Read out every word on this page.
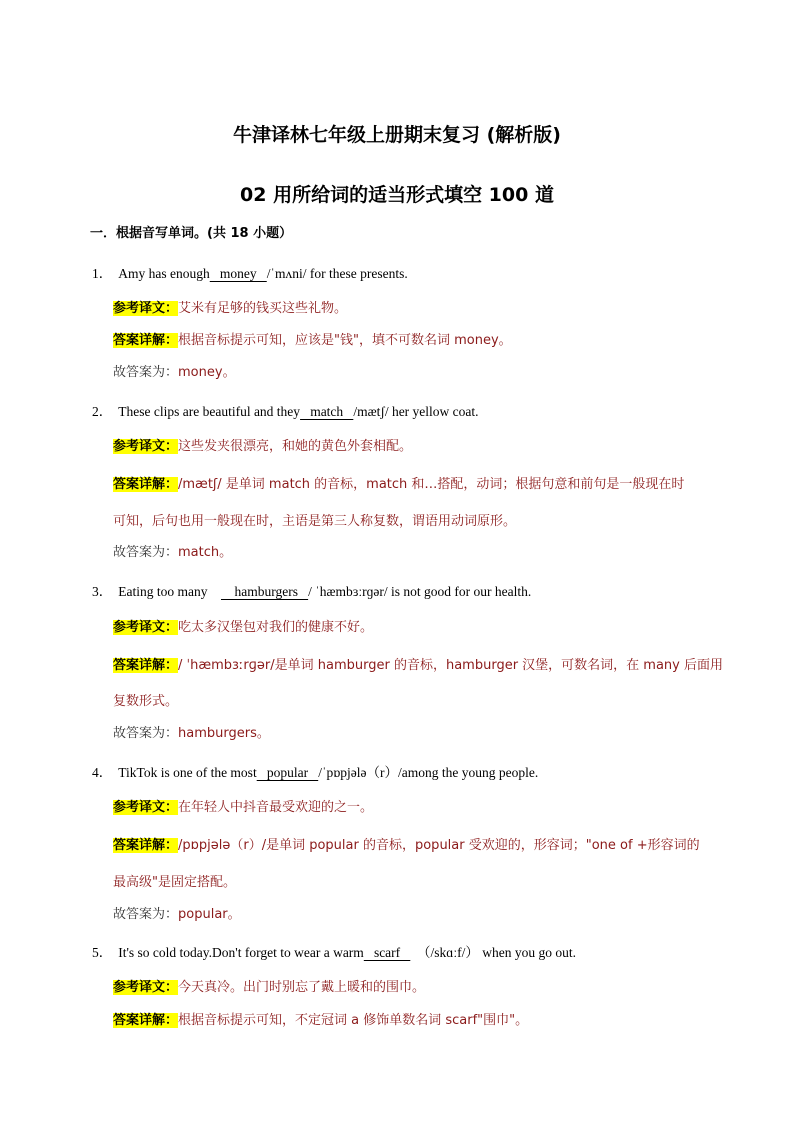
牛津译林七年级上册期末复习 (解析版)
02 用所给词的适当形式填空 100 道
一．根据音写单词。(共 18 小题）
1． Amy has enough   money   /ˈmʌni/ for these presents.
参考译文：艾米有足够的钱买这些礼物。
答案详解：根据音标提示可知，应该是"钱"，填不可数名词 money。
故答案为：money。
2． These clips are beautiful and they   match   /mætʃ/ her yellow coat.
参考译文：这些发夹很漂亮，和她的黄色外套相配。
答案详解：/mætʃ/ 是单词 match 的音标，match 和…搭配，动词；根据句意和前句是一般现在时
可知，后句也用一般现在时，主语是第三人称复数，谓语用动词原形。
故答案为：match。
3． Eating too many        hamburgers   / ˈhæmbɜːrɡər/ is not good for our health.
参考译文：吃太多汉堡包对我们的健康不好。
答案详解：/ ˈhæmbɜːrɡər/是单词 hamburger 的音标，hamburger 汉堡，可数名词，在 many 后面用
复数形式。
故答案为：hamburgers。
4． TikTok is one of the most   popular   /ˈpɒpjələ（r）/among the young people.
参考译文：在年轻人中抖音最受欢迎的之一。
答案详解：/pɒpjələ（r）/是单词 popular 的音标，popular 受欢迎的，形容词；"one of +形容词的
最高级"是固定搭配。
故答案为：popular。
5． It's so cold today.Don't forget to wear a warm   scarf     （/skɑːf/） when you go out.
参考译文：今天真冷。出门时别忘了戴上暖和的围巾。
答案详解：根据音标提示可知，不定冠词 a 修饰单数名词 scarf"围巾"。
